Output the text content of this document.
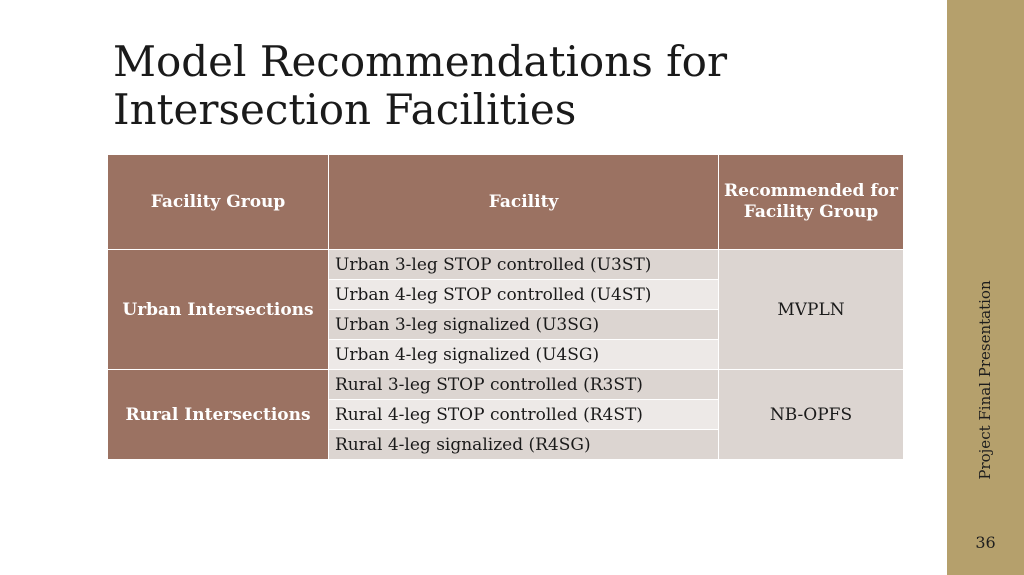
Model Recommendations for
Intersection Facilities
Facility Group	Facility	Recommended for Facility Group
Urban Intersections	Urban 3-leg STOP controlled (U3ST)	MVPLN
	Urban 4-leg STOP controlled (U4ST)	
	Urban 3-leg signalized (U3SG)	
	Urban 4-leg signalized (U4SG)	
Rural Intersections	Rural 3-leg STOP controlled (R3ST)	NB-OPFS
	Rural 4-leg STOP controlled (R4ST)	
	Rural 4-leg signalized (R4SG)		Project Final Presentation
36
